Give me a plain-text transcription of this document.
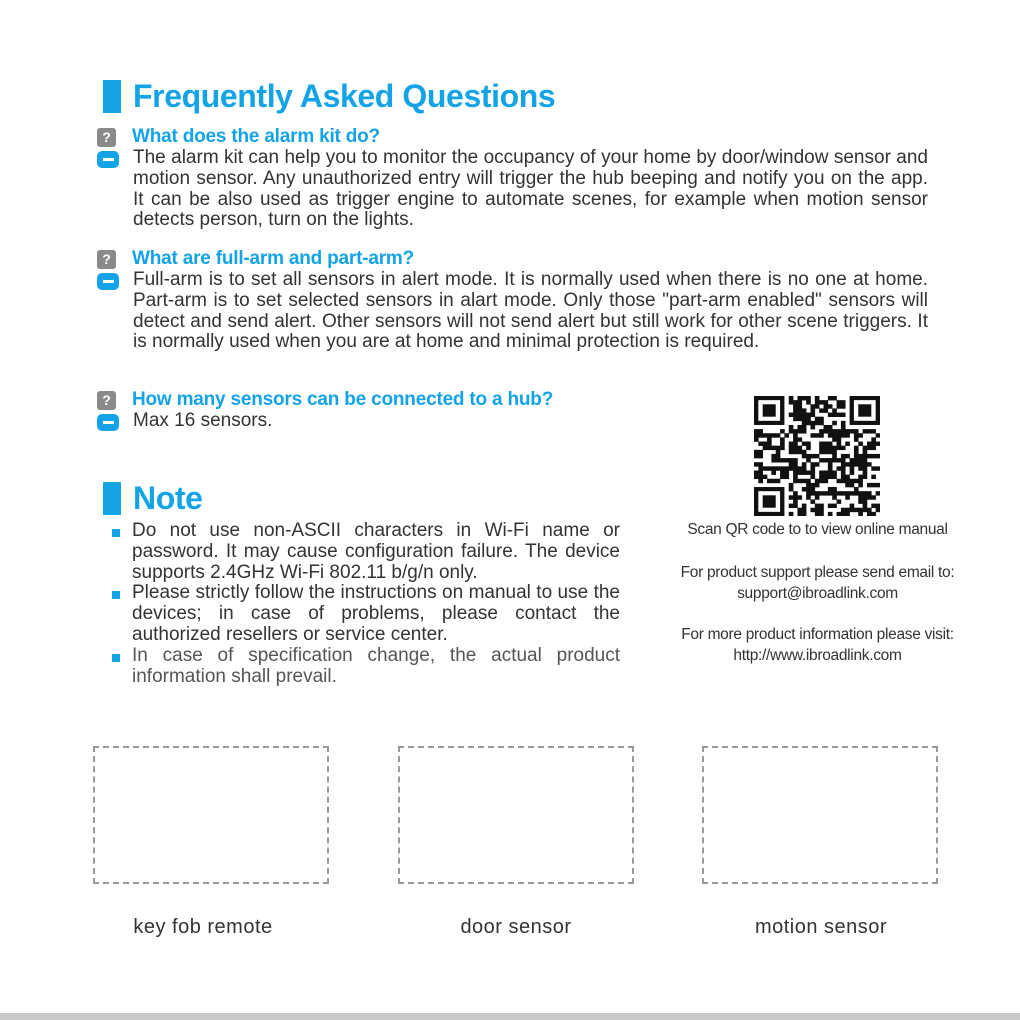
Frequently Asked Questions
? What does the alarm kit do?
The alarm kit can help you to monitor the occupancy of your home by door/window sensor and motion sensor. Any unauthorized entry will trigger the hub beeping and notify you on the app. It can be also used as trigger engine to automate scenes, for example when motion sensor detects person, turn on the lights.
? What are full-arm and part-arm?
Full-arm is to set all sensors in alert mode. It is normally used when there is no one at home. Part-arm is to set selected sensors in alart mode. Only those "part-arm enabled" sensors will detect and send alert. Other sensors will not send alert but still work for other scene triggers. It is normally used when you are at home and minimal protection is required.
? How many sensors can be connected to a hub?
Max 16 sensors.
Note
Do not use non-ASCII characters in Wi-Fi name or password. It may cause configuration failure. The device supports 2.4GHz Wi-Fi 802.11 b/g/n only.
Please strictly follow the instructions on manual to use the devices; in case of problems, please contact the authorized resellers or service center.
In case of specification change, the actual product information shall prevail.
Scan QR code to to view online manual
For product support please send email to:
support@ibroadlink.com
For more product information please visit:
http://www.ibroadlink.com
key fob remote	door sensor	motion sensor
